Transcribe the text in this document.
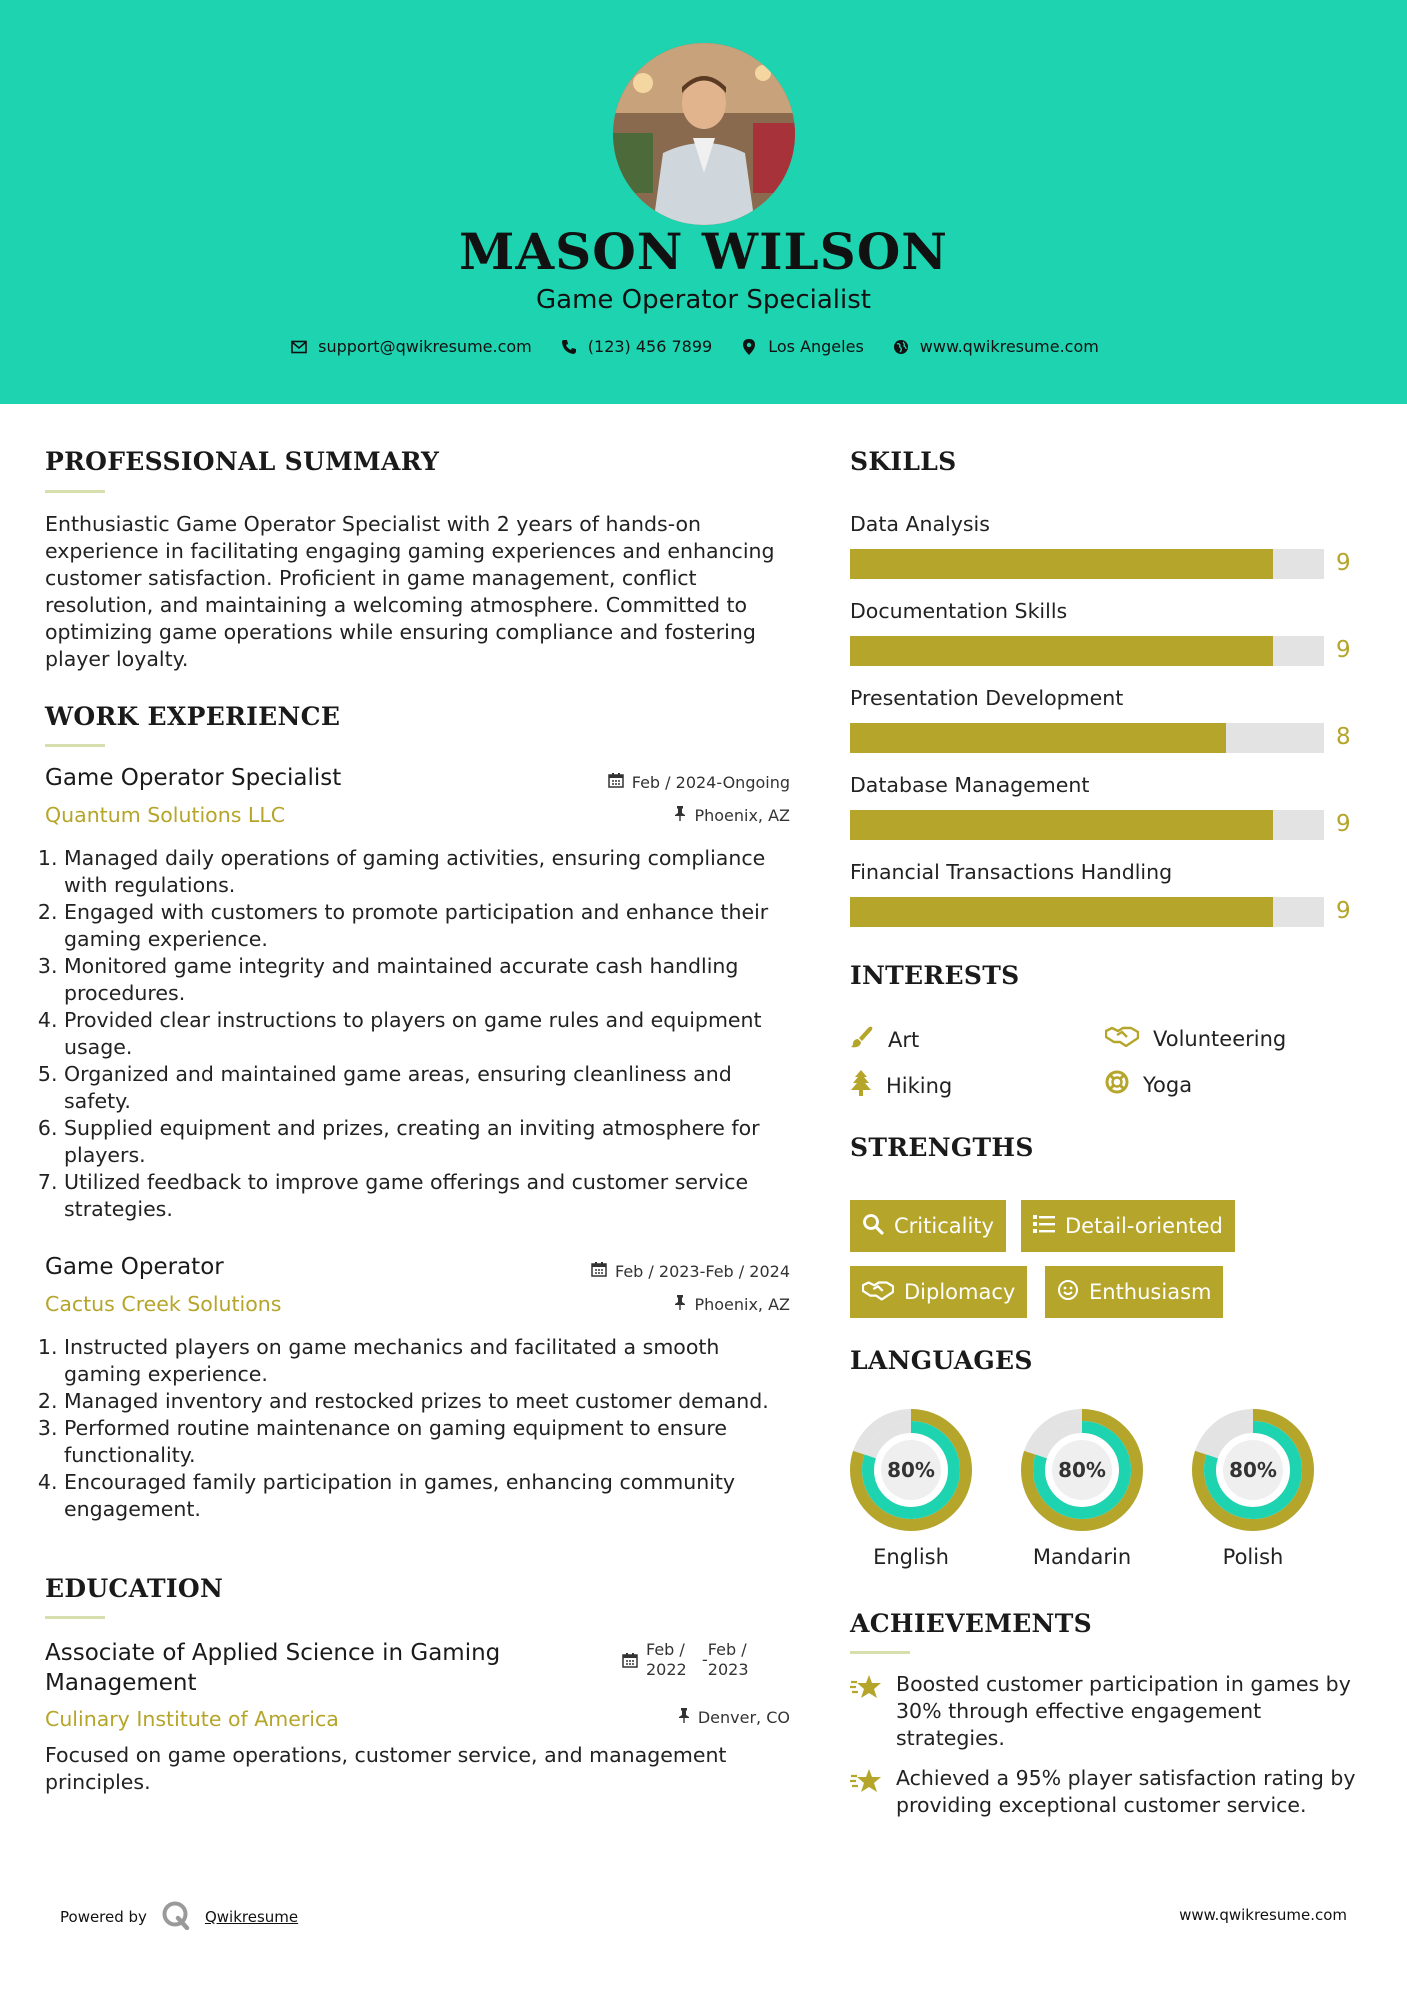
MASON WILSON
Game Operator Specialist
support@qwikresume.com	(123) 456 7899	Los Angeles	www.qwikresume.com
PROFESSIONAL SUMMARY
Enthusiastic Game Operator Specialist with 2 years of hands-on experience in facilitating engaging gaming experiences and enhancing customer satisfaction. Proficient in game management, conflict resolution, and maintaining a welcoming atmosphere. Committed to optimizing game operations while ensuring compliance and fostering player loyalty.
WORK EXPERIENCE
Game Operator Specialist	Feb / 2024-Ongoing
Quantum Solutions LLC	Phoenix, AZ
1. Managed daily operations of gaming activities, ensuring compliance with regulations.
2. Engaged with customers to promote participation and enhance their gaming experience.
3. Monitored game integrity and maintained accurate cash handling procedures.
4. Provided clear instructions to players on game rules and equipment usage.
5. Organized and maintained game areas, ensuring cleanliness and safety.
6. Supplied equipment and prizes, creating an inviting atmosphere for players.
7. Utilized feedback to improve game offerings and customer service strategies.
Game Operator	Feb / 2023-Feb / 2024
Cactus Creek Solutions	Phoenix, AZ
1. Instructed players on game mechanics and facilitated a smooth gaming experience.
2. Managed inventory and restocked prizes to meet customer demand.
3. Performed routine maintenance on gaming equipment to ensure functionality.
4. Encouraged family participation in games, enhancing community engagement.
EDUCATION
Associate of Applied Science in Gaming Management
Feb / 2022
-
Feb / 2023
Culinary Institute of America	Denver, CO
Focused on game operations, customer service, and management principles.
SKILLS
Data Analysis
9
Documentation Skills
9
Presentation Development
8
Database Management
9
Financial Transactions Handling
9
INTERESTS
Art	Volunteering
Hiking	Yoga
STRENGTHS
Criticality	Detail-oriented
Diplomacy	Enthusiasm
LANGUAGES
80%
English
80%
Mandarin
80%
Polish
ACHIEVEMENTS
Boosted customer participation in games by 30% through effective engagement strategies.
Achieved a 95% player satisfaction rating by providing exceptional customer service.
Powered by	Qwikresume	www.qwikresume.com
